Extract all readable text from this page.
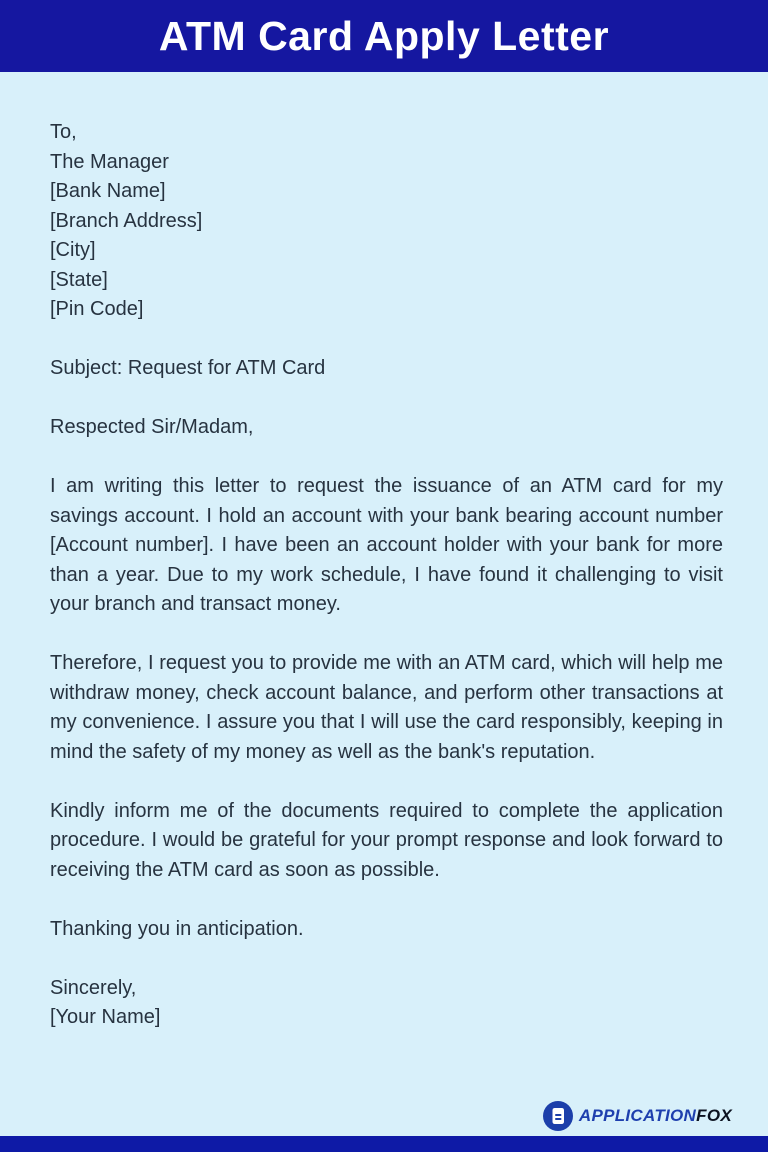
ATM Card Apply Letter
To,
The Manager
[Bank Name]
[Branch Address]
[City]
[State]
[Pin Code]
Subject: Request for ATM Card
Respected Sir/Madam,

I am writing this letter to request the issuance of an ATM card for my savings account. I hold an account with your bank bearing account number [Account number]. I have been an account holder with your bank for more than a year. Due to my work schedule, I have found it challenging to visit your branch and transact money.

Therefore, I request you to provide me with an ATM card, which will help me withdraw money, check account balance, and perform other transactions at my convenience. I assure you that I will use the card responsibly, keeping in mind the safety of my money as well as the bank's reputation.

Kindly inform me of the documents required to complete the application procedure. I would be grateful for your prompt response and look forward to receiving the ATM card as soon as possible.

Thanking you in anticipation.
Sincerely,
[Your Name]
APPLICATIONFOX
